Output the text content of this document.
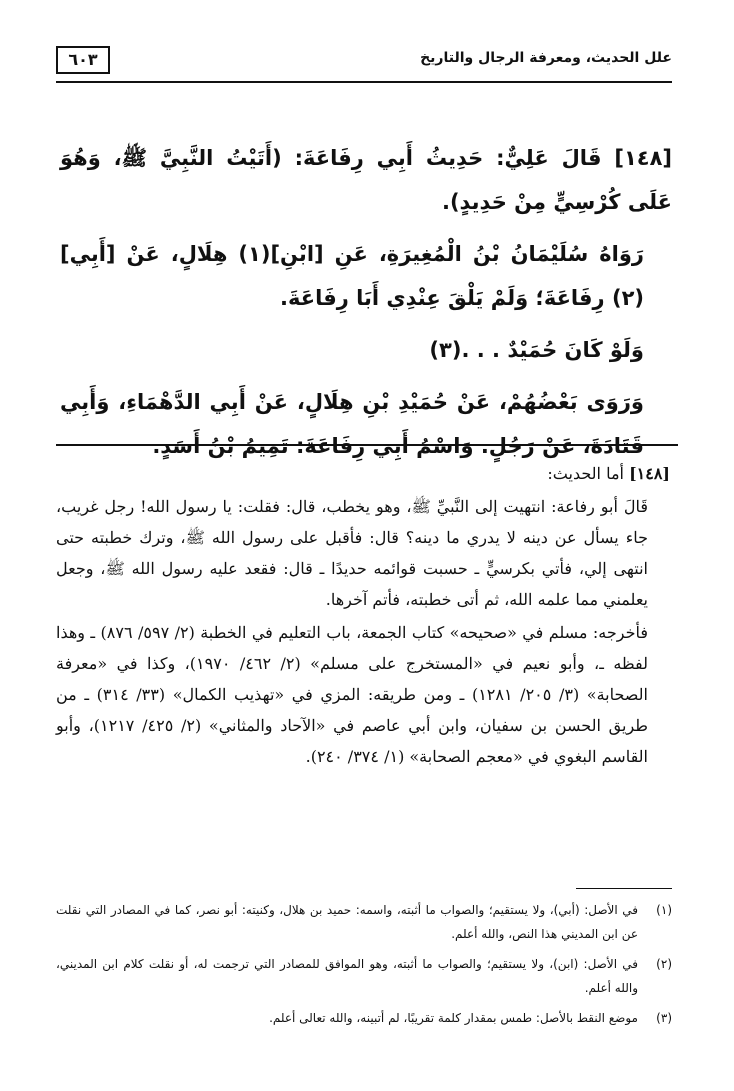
علل الحديث، ومعرفة الرجال والتاريخ
٦٠٣

[١٤٨] قَالَ عَلِيٌّ: حَدِيثُ أَبِي رِفَاعَةَ: (أَتَيْتُ النَّبِيَّ ﷺ، وَهُوَ عَلَى كُرْسِيٍّ مِنْ حَدِيدٍ).

رَوَاهُ سُلَيْمَانُ بْنُ الْمُغِيرَةِ، عَنِ [ابْنِ](١) هِلَالٍ، عَنْ [أَبِي](٢) رِفَاعَةَ؛ وَلَمْ يَلْقَ عِنْدِي أَبَا رِفَاعَةَ.

وَلَوْ كَانَ حُمَيْدٌ . . .(٣)

وَرَوَى بَعْضُهُمْ، عَنْ حُمَيْدِ بْنِ هِلَالٍ، عَنْ أَبِي الدَّهْمَاءِ، وَأَبِي قَتَادَةَ، عَنْ رَجُلٍ. وَاسْمُ أَبِي رِفَاعَةَ: تَمِيمُ بْنُ أَسَدٍ.

[١٤٨] أما الحديث:

قَالَ أبو رفاعة: انتهيت إلى النَّبيِّ ﷺ، وهو يخطب، قال: فقلت: يا رسول الله! رجل غريب، جاء يسأل عن دينه لا يدري ما دينه؟ قال: فأقبل على رسول الله ﷺ، وترك خطبته حتى انتهى إلي، فأتي بكرسيٍّ ـ حسبت قوائمه حديدًا ـ قال: فقعد عليه رسول الله ﷺ، وجعل يعلمني مما علمه الله، ثم أتى خطبته، فأتم آخرها.

فأخرجه: مسلم في «صحيحه» كتاب الجمعة، باب التعليم في الخطبة (٢/ ٥٩٧/ ٨٧٦) ـ وهذا لفظه ـ، وأبو نعيم في «المستخرج على مسلم» (٢/ ٤٦٢/ ١٩٧٠)، وكذا في «معرفة الصحابة» (٣/ ٢٠٥/ ١٢٨١) ـ ومن طريقه: المزي في «تهذيب الكمال» (٣٣/ ٣١٤) ـ من طريق الحسن بن سفيان، وابن أبي عاصم في «الآحاد والمثاني» (٢/ ٤٢٥/ ١٢١٧)، وأبو القاسم البغوي في «معجم الصحابة» (١/ ٣٧٤/ ٢٤٠).

(١)
في الأصل: (أبي)، ولا يستقيم؛ والصواب ما أثبته، واسمه: حميد بن هلال، وكنيته: أبو نصر، كما في المصادر التي نقلت عن ابن المديني هذا النص، والله أعلم.
(٢)
في الأصل: (ابن)، ولا يستقيم؛ والصواب ما أثبته، وهو الموافق للمصادر التي ترجمت له، أو نقلت كلام ابن المديني، والله أعلم.
(٣)
موضع النقط بالأصل: طمس بمقدار كلمة تقريبًا، لم أتبينه، والله تعالى أعلم.
